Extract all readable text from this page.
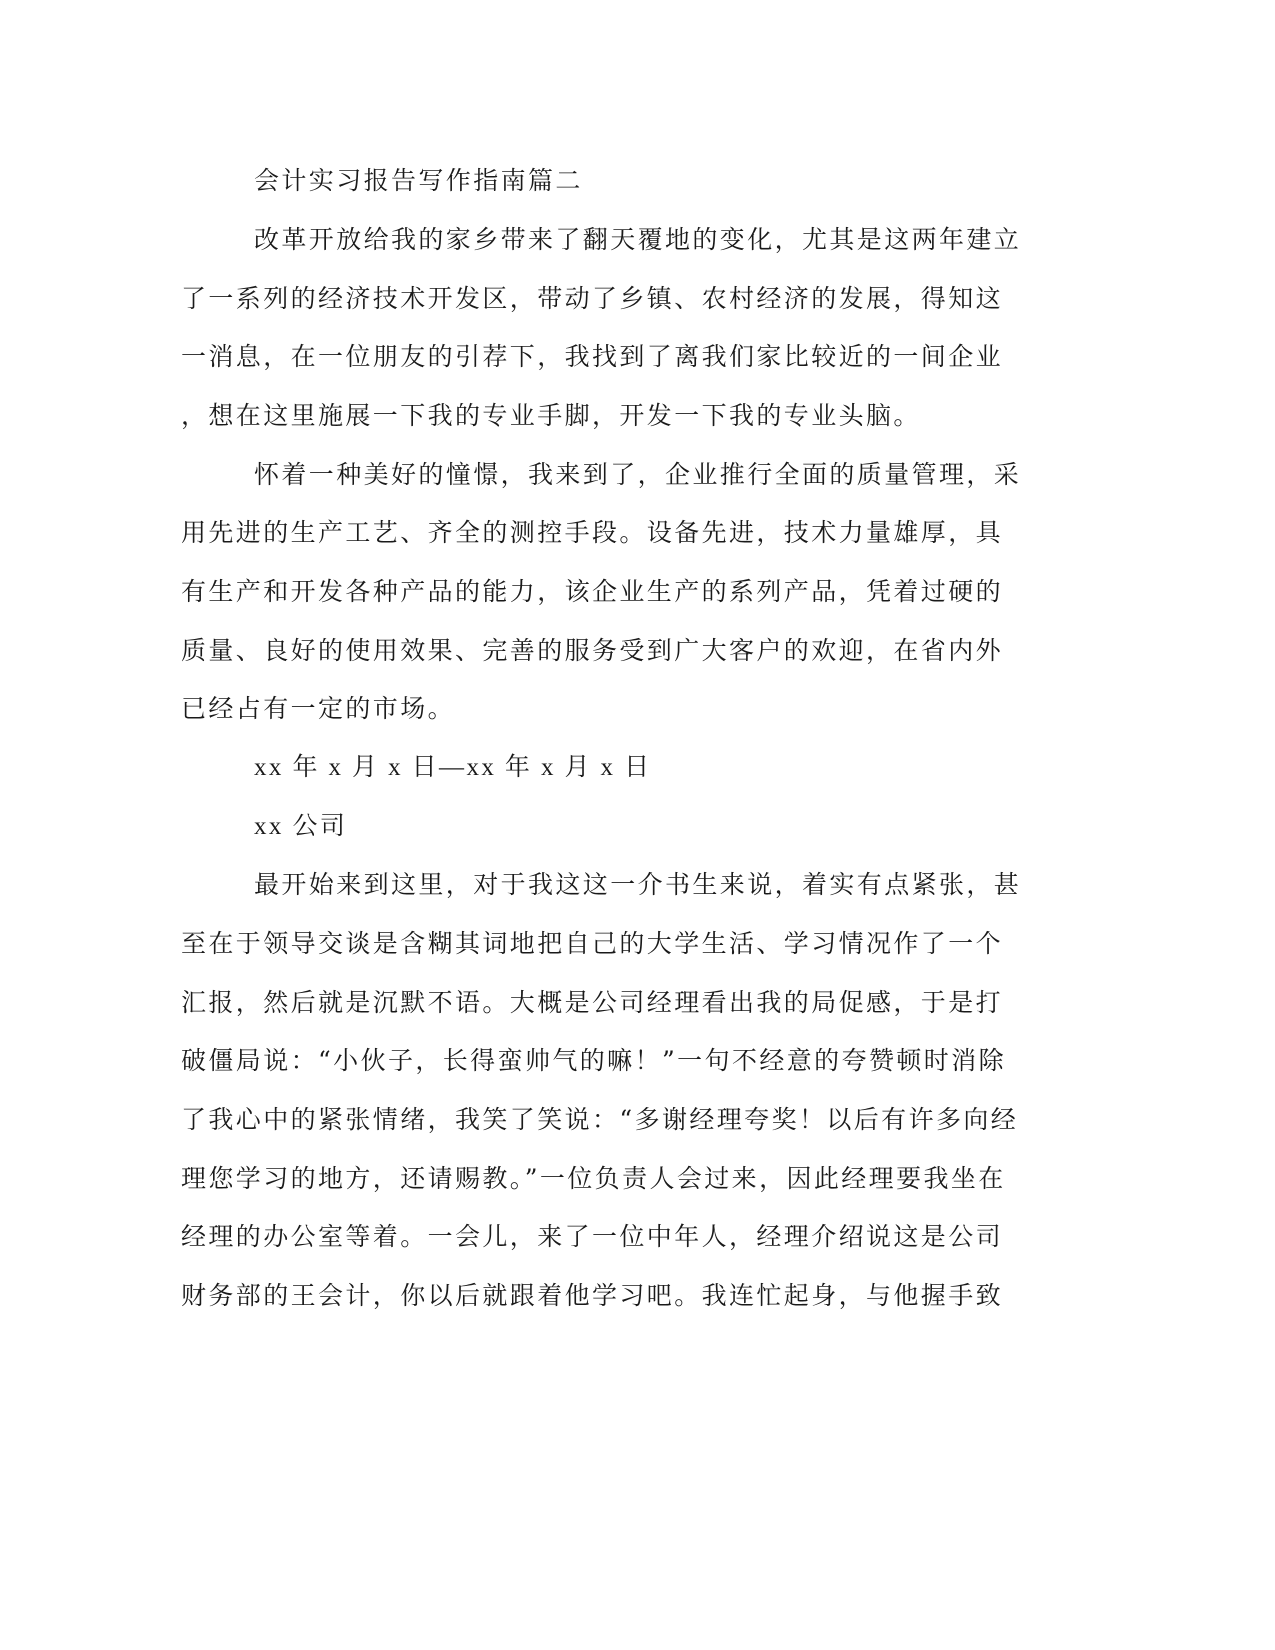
会计实习报告写作指南篇二
改革开放给我的家乡带来了翻天覆地的变化，尤其是这两年建立
了一系列的经济技术开发区，带动了乡镇、农村经济的发展，得知这
一消息，在一位朋友的引荐下，我找到了离我们家比较近的一间企业
，想在这里施展一下我的专业手脚，开发一下我的专业头脑。
怀着一种美好的憧憬，我来到了，企业推行全面的质量管理，采
用先进的生产工艺、齐全的测控手段。设备先进，技术力量雄厚，具
有生产和开发各种产品的能力，该企业生产的系列产品，凭着过硬的
质量、良好的使用效果、完善的服务受到广大客户的欢迎，在省内外
已经占有一定的市场。
xx 年 x 月 x 日—xx 年 x 月 x 日
xx 公司
最开始来到这里，对于我这这一介书生来说，着实有点紧张，甚
至在于领导交谈是含糊其词地把自己的大学生活、学习情况作了一个
汇报，然后就是沉默不语。大概是公司经理看出我的局促感，于是打
破僵局说：“小伙子，长得蛮帅气的嘛！”一句不经意的夸赞顿时消除
了我心中的紧张情绪，我笑了笑说：“多谢经理夸奖！以后有许多向经
理您学习的地方，还请赐教。”一位负责人会过来，因此经理要我坐在
经理的办公室等着。一会儿，来了一位中年人，经理介绍说这是公司
财务部的王会计，你以后就跟着他学习吧。我连忙起身，与他握手致
